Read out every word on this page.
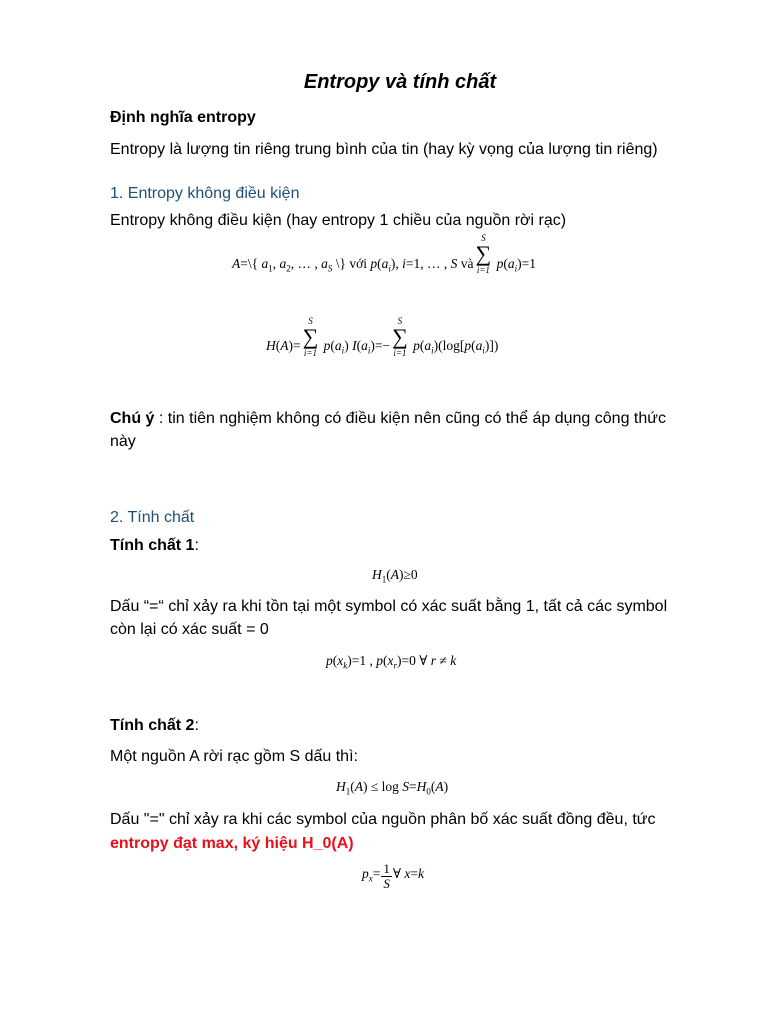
Entropy và tính chất
Định nghĩa entropy
Entropy là lượng tin riêng trung bình của tin (hay kỳ vọng của lượng tin riêng)
1. Entropy không điều kiện
Entropy không điều kiện (hay entropy 1 chiều của nguồn rời rạc)
A=\{ $a_1$, $a_2$, … , $a_S$ \} với $p(a_i)$, i=1, … , S và∑
S
i=1 $p(a_i)=1$
H(A)=∑
S
i=1 $p(a_i)$ $I(a_i)=-\sum$
S
i=1 $p(a_i)(\log[p(a_i)])$
Chú ý : tin tiên nghiệm không có điều kiện nên cũng có thể áp dụng công thức
này
2. Tính chất
Tính chất 1:
$H_1(A)\ge 0$
Dấu “=“ chỉ xảy ra khi tồn tại một symbol có xác suất bằng 1, tất cả các symbol
còn lại có xác suất = 0
$p(x_k)=1$ , $p(x_r)=0$ ∀ r ≠ k
Tính chất 2:
Một nguồn A rời rạc gồm S dấu thì:
$H_1(A) \le \log S=H_0(A)$
Dấu "=" chỉ xảy ra khi các symbol của nguồn phân bố xác suất đồng đều, tức
entropy đạt max, ký hiệu H_0(A)
$p_x= \frac{1}{S}$ ∀ x=k
